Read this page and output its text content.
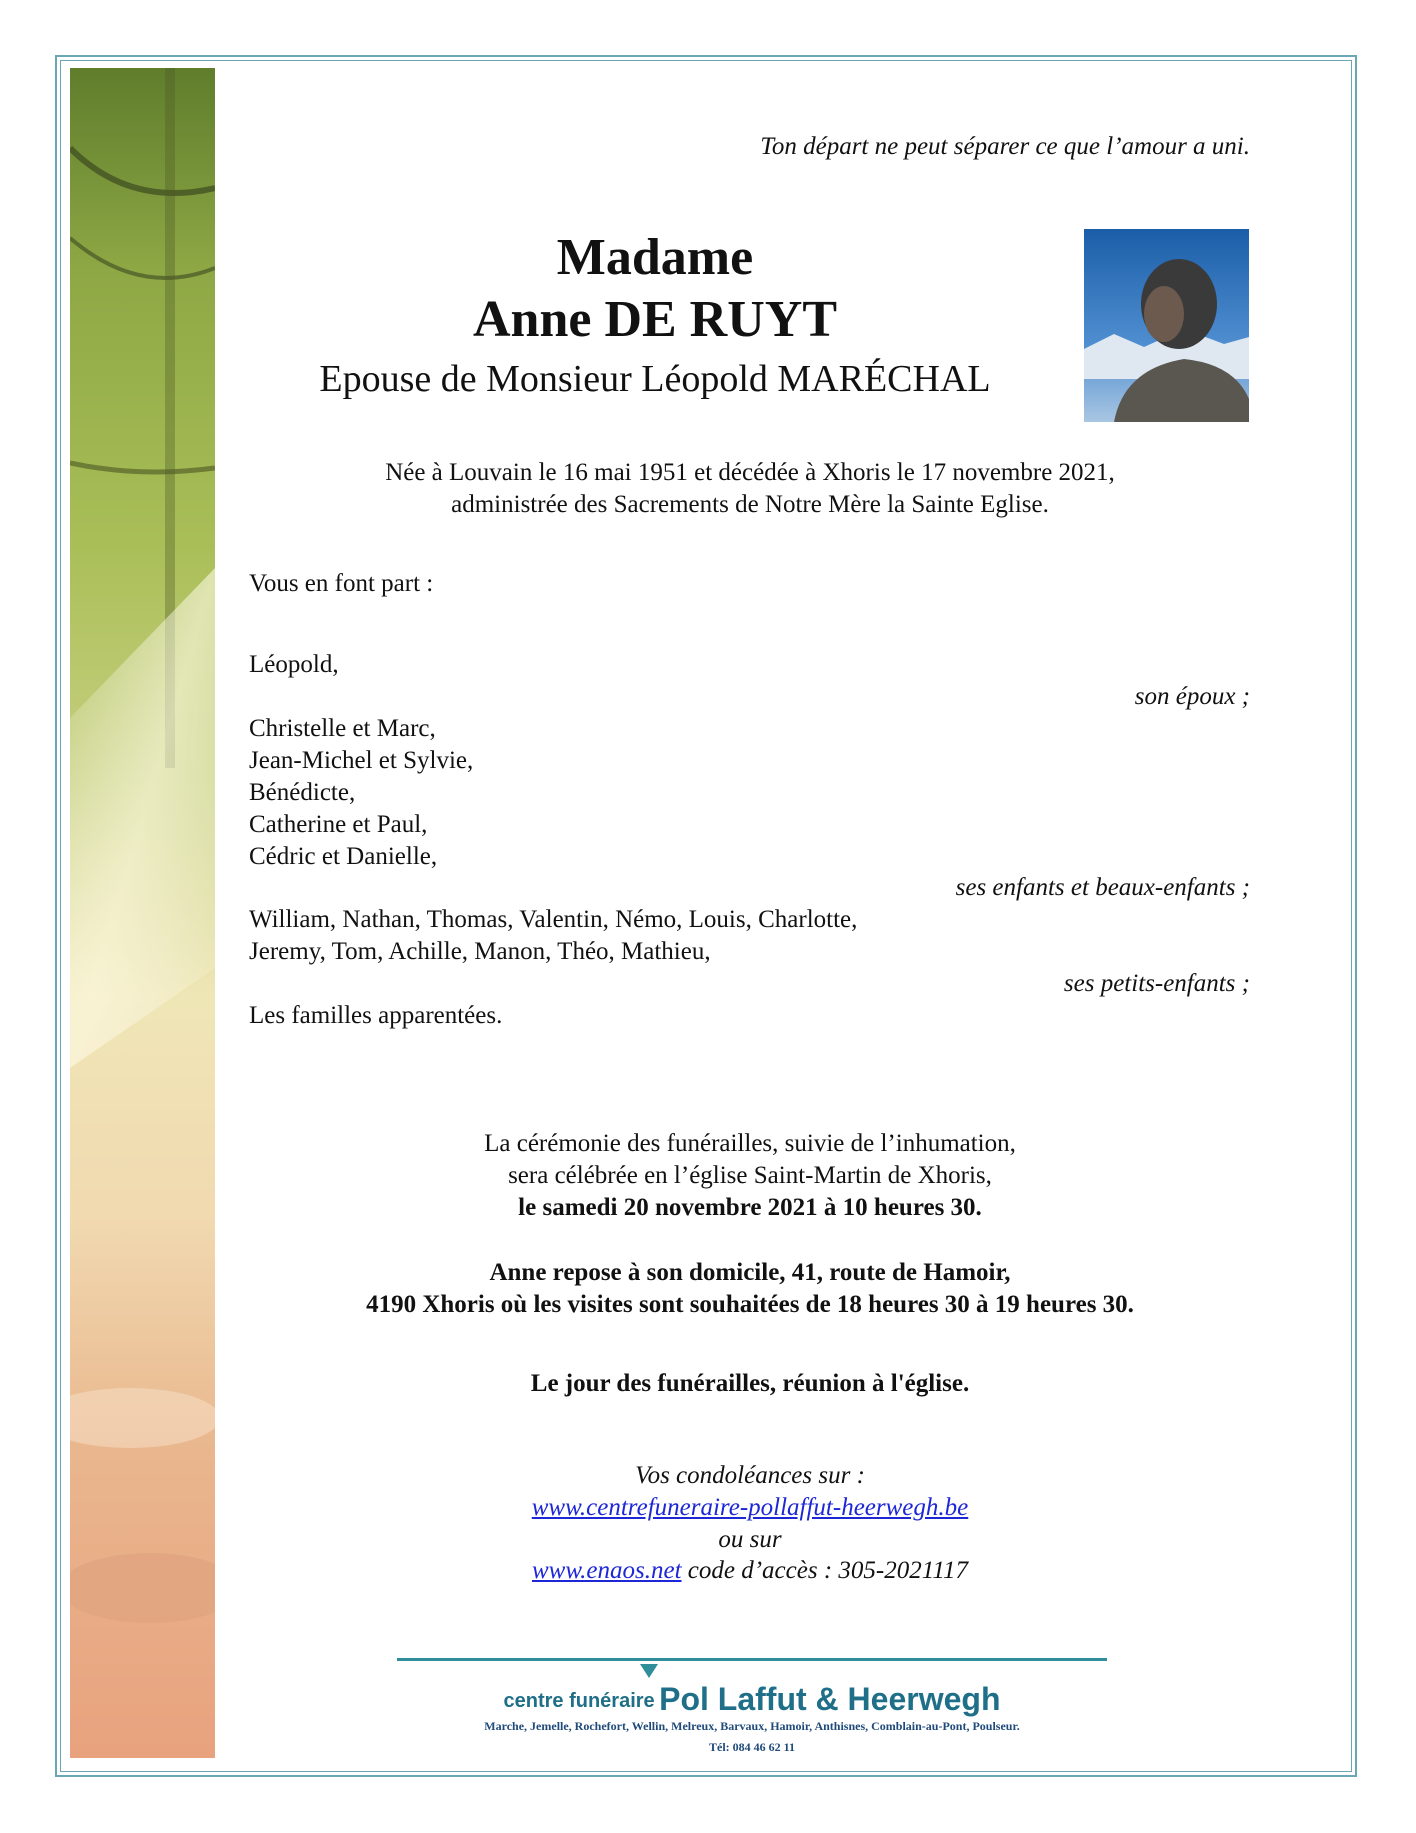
Ton départ ne peut séparer ce que l’amour a uni.
Madame
Anne DE RUYT
Epouse de Monsieur Léopold MARÉCHAL
Née à Louvain le 16 mai 1951 et décédée à Xhoris le 17 novembre 2021,
administrée des Sacrements de Notre Mère la Sainte Eglise.
Vous en font part :
Léopold,
son époux ;
Christelle et Marc,
Jean-Michel et Sylvie,
Bénédicte,
Catherine et Paul,
Cédric et Danielle,
ses enfants et beaux-enfants ;
William, Nathan, Thomas, Valentin, Némo, Louis, Charlotte,
Jeremy, Tom, Achille, Manon, Théo, Mathieu,
ses petits-enfants ;
Les familles apparentées.
La cérémonie des funérailles, suivie de l’inhumation,
sera célébrée en l’église Saint-Martin de Xhoris,
le samedi 20 novembre 2021 à 10 heures 30.
Anne repose à son domicile, 41, route de Hamoir,
4190 Xhoris où les visites sont souhaitées de 18 heures 30 à 19 heures 30.
Le jour des funérailles, réunion à l'église.
Vos condoléances sur :
www.centrefuneraire-pollaffut-heerwegh.be
ou sur
www.enaos.net code d’accès : 305-2021117
centre funéraire Pol Laffut & Heerwegh
Marche, Jemelle, Rochefort, Wellin, Melreux, Barvaux, Hamoir, Anthisnes, Comblain-au-Pont, Poulseur.
Tél: 084 46 62 11
